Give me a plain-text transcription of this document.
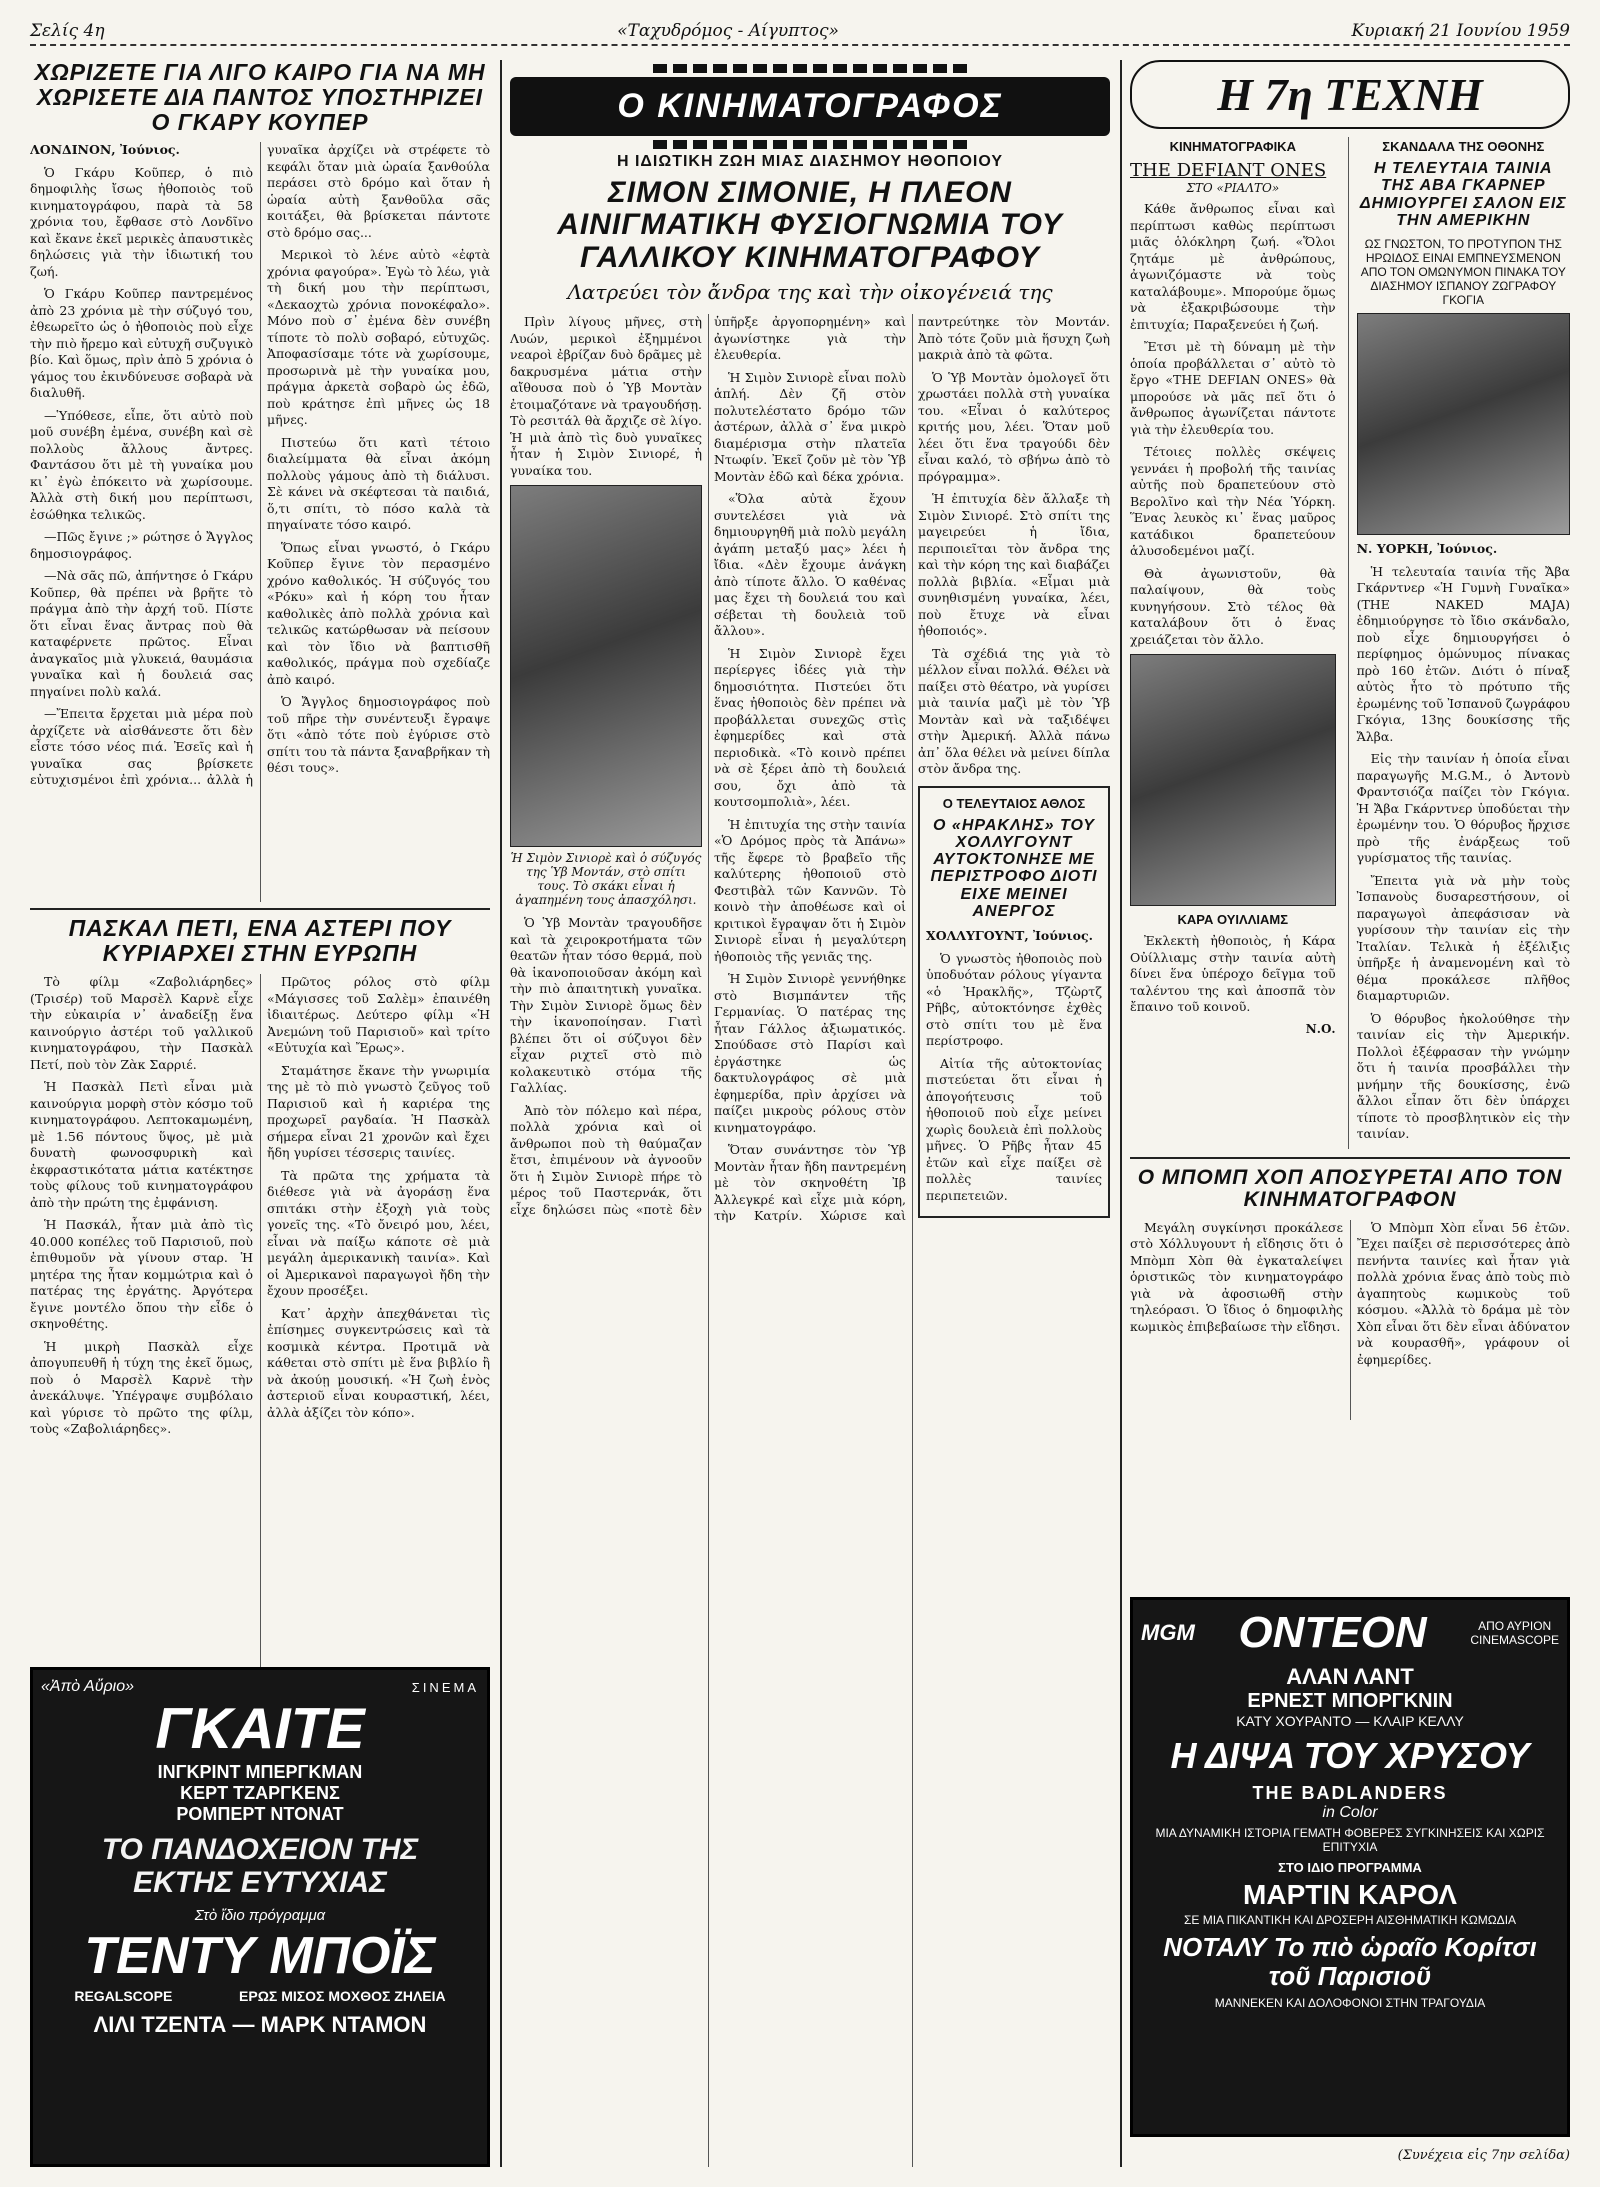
Σελίς 4η	«Ταχυδρόμος - Αίγυπτος»	Κυριακή 21 Ιουνίου 1959
ΧΩΡΙΖΕΤΕ ΓΙΑ ΛΙΓΟ ΚΑΙΡΟ ΓΙΑ ΝΑ ΜΗ ΧΩΡΙΣΕΤΕ ΔΙΑ ΠΑΝΤΟΣ ΥΠΟΣΤΗΡΙΖΕΙ Ο ΓΚΑΡΥ ΚΟΥΠΕΡ

ΛΟΝΔΙΝΟΝ, Ἰούνιος.

Ὁ Γκάρυ Κοῦπερ, ὁ πιὸ δημοφιλὴς ἴσως ἠθοποιὸς τοῦ κινηματογράφου, παρὰ τὰ 58 χρόνια του, ἔφθασε στὸ Λονδῖνο καὶ ἔκανε ἐκεῖ μερικὲς ἀπαυστικὲς δηλώσεις γιὰ τὴν ἰδιωτική του ζωή.

Ὁ Γκάρυ Κοῦπερ παντρεμένος ἀπὸ 23 χρόνια μὲ τὴν σύζυγό του, ἐθεωρεῖτο ὡς ὁ ἠθοποιὸς ποὺ εἶχε τὴν πιὸ ἤρεμο καὶ εὐτυχῆ συζυγικὸ βίο. Καὶ ὅμως, πρὶν ἀπὸ 5 χρόνια ὁ γάμος του ἐκινδύνευσε σοβαρὰ νὰ διαλυθῆ.

—Ὑπόθεσε, εἶπε, ὅτι αὐτὸ ποὺ μοῦ συνέβη ἐμένα, συνέβη καὶ σὲ πολλοὺς ἄλλους ἄντρες. Φαντάσου ὅτι μὲ τὴ γυναίκα μου κι᾽ ἐγὼ ἐπόκειτο νὰ χωρίσουμε. Ἀλλὰ στὴ δική μου περίπτωσι, ἐσώθηκα τελικῶς.

—Πῶς ἔγινε ;» ρώτησε ὁ Ἄγγλος δημοσιογράφος.

—Νὰ σᾶς πῶ, ἀπήντησε ὁ Γκάρυ Κοῦπερ, θὰ πρέπει νὰ βρῆτε τὸ πράγμα ἀπὸ τὴν ἀρχή τοῦ. Πίστε ὅτι εἶναι ἕνας ἄντρας ποὺ θὰ καταφέρνετε πρῶτος. Εἶναι ἀναγκαῖος μιὰ γλυκειά, θαυμάσια γυναῖκα καὶ ἡ δουλειά σας πηγαίνει πολὺ καλά.

—Ἔπειτα ἔρχεται μιὰ μέρα ποὺ ἀρχίζετε νὰ αἰσθάνεστε ὅτι δὲν εἶστε τόσο νέος πιά. Ἐσεῖς καὶ ἡ γυναῖκα σας βρίσκετε εὐτυχισμένοι ἐπὶ χρόνια... ἀλλὰ ἡ γυναῖκα ἀρχίζει νὰ στρέφετε τὸ κεφάλι ὅταν μιὰ ὡραία ξανθούλα περάσει στὸ δρόμο καὶ ὅταν ἡ ὡραία αὐτὴ ξανθοῦλα σᾶς κοιτάξει, θὰ βρίσκεται πάντοτε στὸ δρόμο σας...

Μερικοὶ τὸ λένε αὐτὸ «ἐφτὰ χρόνια φαγούρα». Ἐγὼ τὸ λέω, γιὰ τὴ δική μου τὴν περίπτωσι, «Δεκαοχτὼ χρόνια πονοκέφαλο». Μόνο ποὺ σ᾽ ἐμένα δὲν συνέβη τίποτε τὸ πολὺ σοβαρό, εὐτυχῶς. Ἀποφασίσαμε τότε νὰ χωρίσουμε, προσωρινὰ μὲ τὴν γυναίκα μου, πράγμα ἀρκετὰ σοβαρὸ ὡς ἐδῶ, ποὺ κράτησε ἐπὶ μῆνες ὡς 18 μῆνες.

Πιστεύω ὅτι κατὶ τέτοιο διαλείμματα θὰ εἶναι ἀκόμη πολλοὺς γάμους ἀπὸ τὴ διάλυσι. Σὲ κάνει νὰ σκέφτεσαι τὰ παιδιά, ὅ,τι σπίτι, τὸ πόσο καλὰ τὰ πηγαίνατε τόσο καιρό.

Ὅπως εἶναι γνωστό, ὁ Γκάρυ Κοῦπερ ἔγινε τὸν περασμένο χρόνο καθολικός. Ἡ σύζυγός του «Ρόκυ» καὶ ἡ κόρη του ἦταν καθολικὲς ἀπὸ πολλὰ χρόνια καὶ τελικῶς κατώρθωσαν νὰ πείσουν καὶ τὸν ἴδιο νὰ βαπτισθῆ καθολικός, πράγμα ποὺ σχεδίαζε ἀπὸ καιρό.

Ὁ Ἄγγλος δημοσιογράφος ποὺ τοῦ πῆρε τὴν συνέντευξι ἔγραψε ὅτι «ἀπὸ τότε ποὺ ἐγύρισε στὸ σπίτι του τὰ πάντα ξαναβρῆκαν τὴ θέσι τους».

ΠΑΣΚΑΛ ΠΕΤΙ, ΕΝΑ ΑΣΤΕΡΙ ΠΟΥ ΚΥΡΙΑΡΧΕΙ ΣΤΗΝ ΕΥΡΩΠΗ

Τὸ φίλμ «Ζαβολιάρηδες» (Τρισέρ) τοῦ Μαρσὲλ Καρνὲ εἶχε τὴν εὐκαιρία ν᾽ ἀναδείξῃ ἕνα καινούργιο ἀστέρι τοῦ γαλλικοῦ κινηματογράφου, τὴν Πασκὰλ Πετί, ποὺ τὸν Ζὰκ Σαρριέ.

Ἡ Πασκὰλ Πετὶ εἶναι μιὰ καινούργια μορφὴ στὸν κόσμο τοῦ κινηματογράφου. Λεπτοκαμωμένη, μὲ 1.56 πόντους ὕψος, μὲ μιὰ δυνατὴ φωνοσφυρικὴ καὶ ἐκφραστικότατα μάτια κατέκτησε τοὺς φίλους τοῦ κινηματογράφου ἀπὸ τὴν πρώτη της ἐμφάνιση.

Ἡ Πασκάλ, ἦταν μιὰ ἀπὸ τὶς 40.000 κοπέλες τοῦ Παρισιοῦ, ποὺ ἐπιθυμοῦν νὰ γίνουν σταρ. Ἡ μητέρα της ἦταν κομμώτρια καὶ ὁ πατέρας της ἐργάτης. Ἀργότερα ἔγινε μοντέλο ὅπου τὴν εἶδε ὁ σκηνοθέτης.

Ἡ μικρὴ Πασκὰλ εἶχε ἀπογυπευθῆ ἡ τύχη της ἐκεῖ ὅμως, ποὺ ὁ Μαρσὲλ Καρνὲ τὴν ἀνεκάλυψε. Ὑπέγραψε συμβόλαιο καὶ γύρισε τὸ πρῶτο της φίλμ, τοὺς «Ζαβολιάρηδες».

Πρῶτος ρόλος στὸ φίλμ «Μάγισσες τοῦ Σαλὲμ» ἐπαινέθη ἰδιαιτέρως. Δεύτερο φίλμ «Ἡ Ἀνεμώνη τοῦ Παρισιοῦ» καὶ τρίτο «Εὐτυχία καὶ Ἔρως».

Σταμάτησε ἔκανε τὴν γνωριμία της μὲ τὸ πιὸ γνωστὸ ζεῦγος τοῦ Παρισιοῦ καὶ ἡ καριέρα της προχωρεῖ ραγδαία. Ἡ Πασκὰλ σήμερα εἶναι 21 χρονῶν καὶ ἔχει ἤδη γυρίσει τέσσερις ταινίες.

Τὰ πρῶτα της χρήματα τὰ διέθεσε γιὰ νὰ ἀγοράσῃ ἕνα σπιτάκι στὴν ἐξοχὴ γιὰ τοὺς γονεῖς της. «Τὸ ὄνειρό μου, λέει, εἶναι νὰ παίξω κάποτε σὲ μιὰ μεγάλη ἀμερικανικὴ ταινία». Καὶ οἱ Ἀμερικανοὶ παραγωγοὶ ἤδη τὴν ἔχουν προσέξει.

Κατ᾽ ἀρχὴν ἀπεχθάνεται τὶς ἐπίσημες συγκεντρώσεις καὶ τὰ κοσμικὰ κέντρα. Προτιμᾶ νὰ κάθεται στὸ σπίτι μὲ ἕνα βιβλίο ἢ νὰ ἀκούῃ μουσική. «Ἡ ζωὴ ἑνὸς ἀστεριοῦ εἶναι κουραστική, λέει, ἀλλὰ ἀξίζει τὸν κόπο».

«Ἀπὸ Αὔριο»	ΣΙΝΕΜΑ
ΓΚΑΙΤΕ
ΙΝΓΚΡΙΝΤ ΜΠΕΡΓΚΜΑΝ
ΚΕΡΤ ΤΖΑΡΓΚΕΝΣ
ΡΟΜΠΕΡΤ ΝΤΟΝΑΤ
ΤΟ ΠΑΝΔΟΧΕΙΟΝ ΤΗΣ ΕΚΤΗΣ ΕΥΤΥΧΙΑΣ
Στὸ ἴδιο πρόγραμμα
ΤΕΝΤΥ ΜΠΟΪΣ
REGALSCOPE	ΕΡΩΣ ΜΙΣΟΣ ΜΟΧΘΟΣ ΖΗΛΕΙΑ
ΛΙΛΙ ΤΖΕΝΤΑ — ΜΑΡΚ ΝΤΑΜΟΝ
Ο ΚΙΝΗΜΑΤΟΓΡΑΦΟΣ
Η ΙΔΙΩΤΙΚΗ ΖΩΗ ΜΙΑΣ ΔΙΑΣΗΜΟΥ ΗΘΟΠΟΙΟΥ
ΣΙΜΟΝ ΣΙΜΟΝΙΕ, Η ΠΛΕΟΝ ΑΙΝΙΓΜΑΤΙΚΗ ΦΥΣΙΟΓΝΩΜΙΑ ΤΟΥ ΓΑΛΛΙΚΟΥ ΚΙΝΗΜΑΤΟΓΡΑΦΟΥ
Λατρεύει τὸν ἄνδρα της καὶ τὴν οἰκογένειά της

Πρὶν λίγους μῆνες, στὴ Λυών, μερικοὶ ἐξημμένοι νεαροὶ ἐβρίζαν δυὸ δρᾶμες μὲ δακρυσμένα μάτια στὴν αἴθουσα ποὺ ὁ Ὑβ Μοντὰν ἐτοιμαζότανε νὰ τραγουδήσῃ. Τὸ ρεσιτάλ θὰ ἄρχιζε σὲ λίγο. Ἡ μιὰ ἀπὸ τὶς δυὸ γυναῖκες ἦταν ἡ Σιμὸν Σινιορέ, ἡ γυναίκα του.

Ἡ Σιμὸν Σινιορὲ καὶ ὁ σύζυγός της Ὑβ Μοντάν, στὸ σπίτι τους. Τὸ σκάκι εἶναι ἡ ἀγαπημένη τους ἀπασχόλησι.

Ὁ Ὑβ Μοντὰν τραγουδῆσε καὶ τὰ χειροκροτήματα τῶν θεατῶν ἦταν τόσο θερμά, ποὺ θὰ ἱκανοποιοῦσαν ἀκόμη καὶ τὴν πιὸ ἀπαιτητικὴ γυναῖκα. Τὴν Σιμὸν Σινιορὲ ὅμως δὲν τὴν ἱκανοποίησαν. Γιατὶ βλέπει ὅτι οἱ σύζυγοι δὲν εἶχαν ριχτεῖ στὸ πιὸ κολακευτικὸ στόμα τῆς Γαλλίας.

Ἀπὸ τὸν πόλεμο καὶ πέρα, πολλὰ χρόνια καὶ οἱ ἄνθρωποι ποὺ τὴ θαύμαζαν ἔτσι, ἐπιμένουν νὰ ἀγνοοῦν ὅτι ἡ Σιμὸν Σινιορὲ πήρε τὸ μέρος τοῦ Παστερνάκ, ὅτι εἶχε δηλώσει πὼς «ποτὲ δὲν ὑπῆρξε ἀργοπορημένη» καὶ ἀγωνίστηκε γιὰ τὴν ἐλευθερία.

Ἡ Σιμὸν Σινιορὲ εἶναι πολὺ ἁπλή. Δὲν ζῆ στὸν πολυτελέστατο δρόμο τῶν ἀστέρων, ἀλλὰ σ᾽ ἕνα μικρὸ διαμέρισμα στὴν πλατεῖα Ντωφίν. Ἐκεῖ ζοῦν μὲ τὸν Ὑβ Μοντὰν ἐδῶ καὶ δέκα χρόνια.

«Ὅλα αὐτὰ ἔχουν συντελέσει γιὰ νὰ δημιουργηθῆ μιὰ πολὺ μεγάλη ἀγάπη μεταξύ μας» λέει ἡ ἴδια. «Δὲν ἔχουμε ἀνάγκη ἀπὸ τίποτε ἄλλο. Ὁ καθένας μας ἔχει τὴ δουλειά του καὶ σέβεται τὴ δουλειὰ τοῦ ἄλλου».

Ἡ Σιμὸν Σινιορὲ ἔχει περίεργες ἰδέες γιὰ τὴν δημοσιότητα. Πιστεύει ὅτι ἕνας ἠθοποιὸς δὲν πρέπει νὰ προβάλλεται συνεχῶς στὶς ἐφημερίδες καὶ στὰ περιοδικὰ. «Τὸ κοινὸ πρέπει νὰ σὲ ξέρει ἀπὸ τὴ δουλειά σου, ὄχι ἀπὸ τὰ κουτσομπολιὰ», λέει.

Ἡ ἐπιτυχία της στὴν ταινία «Ὁ Δρόμος πρὸς τὰ Ἀπάνω» τῆς ἔφερε τὸ βραβεῖο τῆς καλύτερης ἠθοποιοῦ στὸ Φεστιβὰλ τῶν Καννῶν. Τὸ κοινὸ τὴν ἀποθέωσε καὶ οἱ κριτικοὶ ἔγραψαν ὅτι ἡ Σιμὸν Σινιορὲ εἶναι ἡ μεγαλύτερη ἠθοποιὸς τῆς γενιᾶς της.

Ἡ Σιμὸν Σινιορὲ γεννήθηκε στὸ Βισμπάντεν τῆς Γερμανίας. Ὁ πατέρας της ἦταν Γάλλος ἀξιωματικός. Σπούδασε στὸ Παρίσι καὶ ἐργάστηκε ὡς δακτυλογράφος σὲ μιὰ ἐφημερίδα, πρὶν ἀρχίσει νὰ παίζει μικροὺς ρόλους στὸν κινηματογράφο.

Ὅταν συνάντησε τὸν Ὑβ Μοντὰν ἦταν ἤδη παντρεμένη μὲ τὸν σκηνοθέτη Ἰβ Ἀλλεγκρέ καὶ εἶχε μιὰ κόρη, τὴν Κατρίν. Χώρισε καὶ παντρεύτηκε τὸν Μοντάν. Ἀπὸ τότε ζοῦν μιὰ ἥσυχη ζωὴ μακριὰ ἀπὸ τὰ φῶτα.

Ὁ Ὑβ Μοντὰν ὁμολογεῖ ὅτι χρωστάει πολλὰ στὴ γυναίκα του. «Εἶναι ὁ καλύτερος κριτής μου, λέει. Ὅταν μοῦ λέει ὅτι ἕνα τραγούδι δὲν εἶναι καλό, τὸ σβήνω ἀπὸ τὸ πρόγραμμα».

Ἡ ἐπιτυχία δὲν ἄλλαξε τὴ Σιμὸν Σινιορέ. Στὸ σπίτι της μαγειρεύει ἡ ἴδια, περιποιεῖται τὸν ἄνδρα της καὶ τὴν κόρη της καὶ διαβάζει πολλὰ βιβλία. «Εἶμαι μιὰ συνηθισμένη γυναίκα, λέει, ποὺ ἔτυχε νὰ εἶναι ἠθοποιός».

Τὰ σχέδιά της γιὰ τὸ μέλλον εἶναι πολλά. Θέλει νὰ παίξει στὸ θέατρο, νὰ γυρίσει μιὰ ταινία μαζὶ μὲ τὸν Ὑβ Μοντὰν καὶ νὰ ταξιδέψει στὴν Ἀμερική. Ἀλλὰ πάνω ἀπ᾽ ὅλα θέλει νὰ μείνει δίπλα στὸν ἄνδρα της.

Ο ΤΕΛΕΥΤΑΙΟΣ ΑΘΛΟΣ
Ο «ΗΡΑΚΛΗΣ» ΤΟΥ ΧΟΛΛΥΓΟΥΝΤ ΑΥΤΟΚΤΟΝΗΣΕ ΜΕ ΠΕΡΙΣΤΡΟΦΟ ΔΙΟΤΙ ΕΙΧΕ ΜΕΙΝΕΙ ΑΝΕΡΓΟΣ

ΧΟΛΛΥΓΟΥΝΤ, Ἰούνιος.

Ὁ γνωστὸς ἠθοποιὸς ποὺ ὑποδυόταν ρόλους γίγαντα «ὁ Ἡρακλῆς», Τζὼρτζ Ρῆβς, αὐτοκτόνησε ἐχθὲς στὸ σπίτι του μὲ ἕνα περίστροφο.

Αἰτία τῆς αὐτοκτονίας πιστεύεται ὅτι εἶναι ἡ ἀπογοήτευσις τοῦ ἠθοποιοῦ ποὺ εἶχε μείνει χωρὶς δουλειὰ ἐπὶ πολλοὺς μῆνες. Ὁ Ρῆβς ἦταν 45 ἐτῶν καὶ εἶχε παίξει σὲ πολλὲς ταινίες περιπετειῶν.

Η 7η ΤΕΧΝΗ
ΚΙΝΗΜΑΤΟΓΡΑΦΙΚΑ
THE DEFIANT ONES
ΣΤΟ «ΡΙΑΛΤΟ»

Κάθε ἄνθρωπος εἶναι καὶ περίπτωσι καθὼς περίπτωσι μιᾶς ὁλόκληρη ζωή. «Ὅλοι ζητάμε μὲ ἀνθρώπους, ἀγωνιζόμαστε νὰ τοὺς καταλάβουμε». Μπορούμε ὅμως νὰ ἐξακριβώσουμε τὴν ἐπιτυχία; Παραξενεύει ἡ ζωή.

Ἔτσι μὲ τὴ δύναμη μὲ τὴν ὁποία προβάλλεται σ᾽ αὐτὸ τὸ ἔργο «THE DEFIAN ONES» θὰ μπορούσε νὰ μᾶς πεῖ ὅτι ὁ ἄνθρωπος ἀγωνίζεται πάντοτε γιὰ τὴν ἐλευθερία του.

Τέτοιες πολλὲς σκέψεις γεννάει ἡ προβολή τῆς ταινίας αὐτῆς ποὺ δραπετεύουν στὸ Βερολῖνο καὶ τὴν Νέα Ὑόρκη. Ἕνας λευκὸς κι᾽ ἕνας μαῦρος κατάδικοι δραπετεύουν ἁλυσοδεμένοι μαζί.

Θὰ ἀγωνιστοῦν, θὰ παλαίψουν, θὰ τοὺς κυνηγήσουν. Στὸ τέλος θὰ καταλάβουν ὅτι ὁ ἕνας χρειάζεται τὸν ἄλλο.

ΚΑΡΑ ΟΥΙΛΛΙΑΜΣ

Ἐκλεκτὴ ἠθοποιὸς, ἡ Κάρα Οὐίλλιαμς στὴν ταινία αὐτὴ δίνει ἕνα ὑπέροχο δεῖγμα τοῦ ταλέντου της καὶ ἀποσπᾶ τὸν ἔπαινο τοῦ κοινοῦ.

Ν.Ο.
ΣΚΑΝΔΑΛΑ ΤΗΣ ΟΘΟΝΗΣ
Η ΤΕΛΕΥΤΑΙΑ ΤΑΙΝΙΑ ΤΗΣ ΑΒΑ ΓΚΑΡΝΕΡ ΔΗΜΙΟΥΡΓΕΙ ΣΑΛΟΝ ΕΙΣ ΤΗΝ ΑΜΕΡΙΚΗΝ
ΩΣ ΓΝΩΣΤΟΝ, ΤΟ ΠΡΟΤΥΠΟΝ ΤΗΣ ΗΡΩΙΔΟΣ ΕΙΝΑΙ ΕΜΠΝΕΥΣΜΕΝΟΝ ΑΠΟ ΤΟΝ ΟΜΩΝΥΜΟΝ ΠΙΝΑΚΑ ΤΟΥ ΔΙΑΣΗΜΟΥ ΙΣΠΑΝΟΥ ΖΩΓΡΑΦΟΥ ΓΚΟΓΙΑ

Ν. ΥΟΡΚΗ, Ἰούνιος.

Ἡ τελευταία ταινία τῆς Ἄβα Γκάρντνερ «Ἡ Γυμνὴ Γυναῖκα» (THE NAKED MAJA) ἐδημιούργησε τὸ ἴδιο σκάνδαλο, ποὺ εἶχε δημιουργήσει ὁ περίφημος ὁμώνυμος πίνακας πρὸ 160 ἐτῶν. Διότι ὁ πίναξ αὐτὸς ἦτο τὸ πρότυπο τῆς ἐρωμένης τοῦ Ἰσπανοῦ ζωγράφου Γκόγια, 13ης δουκίσσης τῆς Ἄλβα.

Εἰς τὴν ταινίαν ἡ ὁποία εἶναι παραγωγῆς M.G.M., ὁ Ἀντονὺ Φραντσιόζα παίζει τὸν Γκόγια. Ἡ Ἄβα Γκάρντνερ ὑποδύεται τὴν ἐρωμένην του. Ὁ θόρυβος ἤρχισε πρὸ τῆς ἐνάρξεως τοῦ γυρίσματος τῆς ταινίας.

Ἔπειτα γιὰ νὰ μὴν τοὺς Ἰσπανοὺς δυσαρεστήσουν, οἱ παραγωγοὶ ἀπεφάσισαν νὰ γυρίσουν τὴν ταινίαν εἰς τὴν Ἰταλίαν. Τελικὰ ἡ ἐξέλιξις ὑπῆρξε ἡ ἀναμενομένη καὶ τὸ θέμα προκάλεσε πλῆθος διαμαρτυριῶν.

Ὁ θόρυβος ἠκολούθησε τὴν ταινίαν εἰς τὴν Ἀμερικήν. Πολλοὶ ἐξέφρασαν τὴν γνώμην ὅτι ἡ ταινία προσβάλλει τὴν μνήμην τῆς δουκίσσης, ἐνῶ ἄλλοι εἶπαν ὅτι δὲν ὑπάρχει τίποτε τὸ προσβλητικὸν εἰς τὴν ταινίαν.

Ο ΜΠΟΜΠ ΧΟΠ ΑΠΟΣΥΡΕΤΑΙ ΑΠΟ ΤΟΝ ΚΙΝΗΜΑΤΟΓΡΑΦΟΝ

Μεγάλη συγκίνησι προκάλεσε στὸ Χόλλυγουντ ἡ εἴδησις ὅτι ὁ Μπὸμπ Χὸπ θὰ ἐγκαταλείψει ὁριστικῶς τὸν κινηματογράφο γιὰ νὰ ἀφοσιωθῆ στὴν τηλεόρασι. Ὁ ἴδιος ὁ δημοφιλὴς κωμικὸς ἐπιβεβαίωσε τὴν εἴδησι.

Ὁ Μπὸμπ Χὸπ εἶναι 56 ἐτῶν. Ἔχει παίξει σὲ περισσότερες ἀπὸ πενήντα ταινίες καὶ ἦταν γιὰ πολλὰ χρόνια ἕνας ἀπὸ τοὺς πιὸ ἀγαπητοὺς κωμικοὺς τοῦ κόσμου. «Ἀλλὰ τὸ δράμα μὲ τὸν Χὸπ εἶναι ὅτι δὲν εἶναι ἀδύνατον νὰ κουρασθῆ», γράφουν οἱ ἐφημερίδες.

MGM ΟΝΤΕΟΝ	ΑΠΟ ΑΥΡΙΟΝ
CINEMASCOPE
ΑΛΑΝ ΛΑΝΤ
ΕΡΝΕΣΤ ΜΠΟΡΓΚΝΙΝ
ΚΑΤΥ ΧΟΥΡΑΝΤΟ — ΚΛΑΙΡ ΚΕΛΛΥ
Η ΔΙΨΑ ΤΟΥ ΧΡΥΣΟΥ
THE BADLANDERS
in Color
ΜΙΑ ΔΥΝΑΜΙΚΗ ΙΣΤΟΡΙΑ ΓΕΜΑΤΗ ΦΟΒΕΡΕΣ ΣΥΓΚΙΝΗΣΕΙΣ ΚΑΙ ΧΩΡΙΣ ΕΠΙΤΥΧΙΑ
ΣΤΟ ΙΔΙΟ ΠΡΟΓΡΑΜΜΑ
ΜΑΡΤΙΝ ΚΑΡΟΛ
ΣΕ ΜΙΑ ΠΙΚΑΝΤΙΚΗ ΚΑΙ ΔΡΟΣΕΡΗ ΑΙΣΘΗΜΑΤΙΚΗ ΚΩΜΩΔΙΑ
ΝΟΤΑΛΥ Το πιὸ ὡραῖο Κορίτσι τοῦ Παρισιοῦ
ΜΑΝΝΕΚΕΝ ΚΑΙ ΔΟΛΟΦΟΝΟΙ ΣΤΗΝ ΤΡΑΓΟΥΔΙΑ
(Συνέχεια εἰς 7ην σελίδα)
